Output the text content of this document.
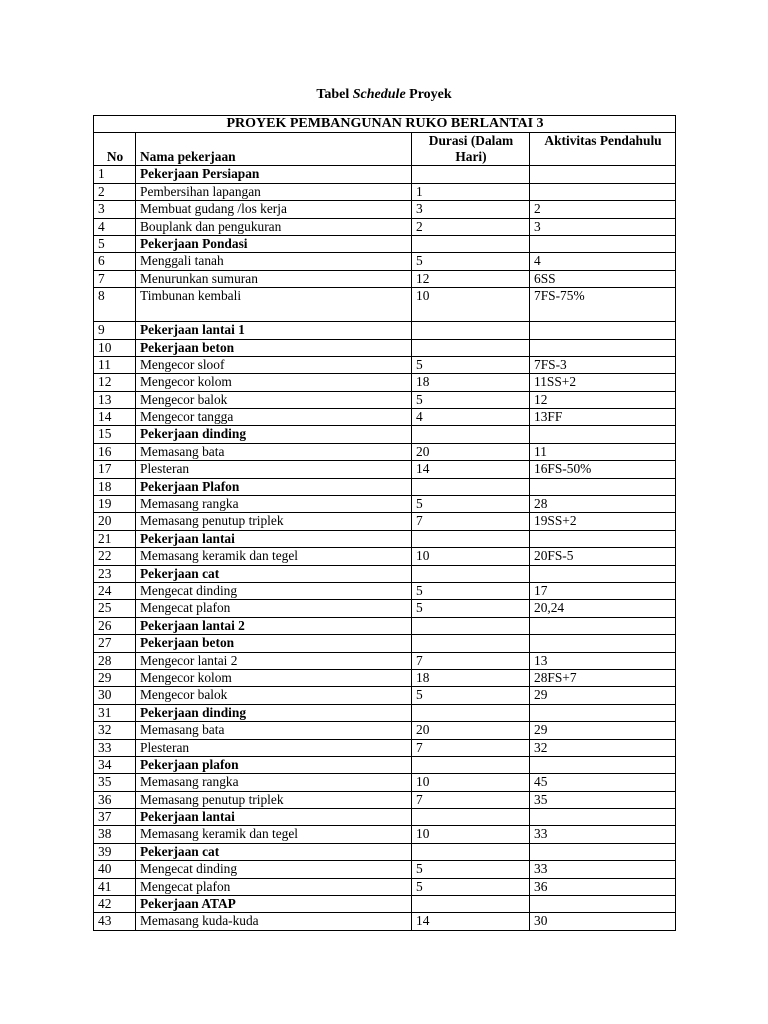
Tabel Schedule Proyek
PROYEK PEMBANGUNAN RUKO BERLANTAI 3			
No	Nama pekerjaan	Durasi (Dalam Hari)	Aktivitas Pendahulu
1	Pekerjaan Persiapan		
2	Pembersihan lapangan	1	
3	Membuat gudang /los kerja	3	2
4	Bouplank dan pengukuran	2	3
5	Pekerjaan Pondasi		
6	Menggali tanah	5	4
7	Menurunkan sumuran	12	6SS
8	Timbunan kembali	10	7FS-75%
9	Pekerjaan lantai 1		
10	Pekerjaan beton		
11	Mengecor sloof	5	7FS-3
12	Mengecor kolom	18	11SS+2
13	Mengecor balok	5	12
14	Mengecor tangga	4	13FF
15	Pekerjaan dinding		
16	Memasang bata	20	11
17	Plesteran	14	16FS-50%
18	Pekerjaan Plafon		
19	Memasang rangka	5	28
20	Memasang penutup triplek	7	19SS+2
21	Pekerjaan lantai		
22	Memasang keramik dan tegel	10	20FS-5
23	Pekerjaan cat		
24	Mengecat dinding	5	17
25	Mengecat plafon	5	20,24
26	Pekerjaan lantai 2		
27	Pekerjaan beton		
28	Mengecor lantai 2	7	13
29	Mengecor kolom	18	28FS+7
30	Mengecor balok	5	29
31	Pekerjaan dinding		
32	Memasang bata	20	29
33	Plesteran	7	32
34	Pekerjaan plafon		
35	Memasang rangka	10	45
36	Memasang penutup triplek	7	35
37	Pekerjaan lantai		
38	Memasang keramik dan tegel	10	33
39	Pekerjaan cat		
40	Mengecat dinding	5	33
41	Mengecat plafon	5	36
42	Pekerjaan ATAP		
43	Memasang kuda-kuda	14	30
